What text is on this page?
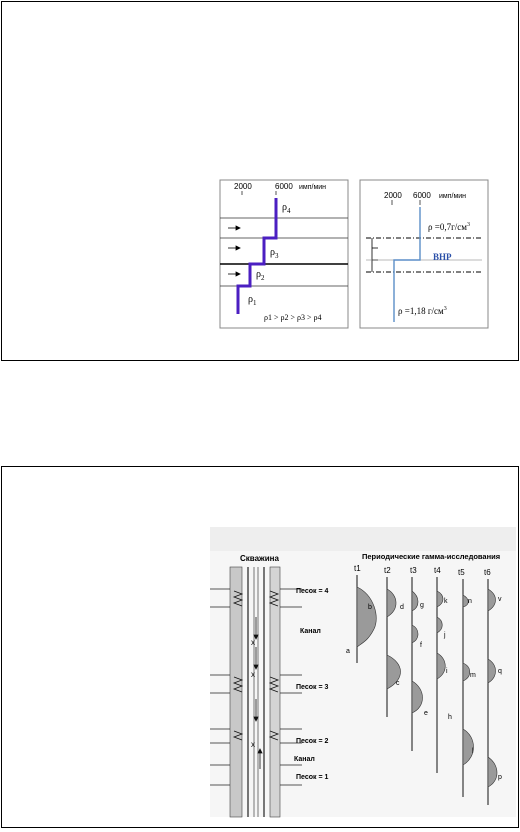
2000	6000 имп/мин
$\rho_4$
$\rho_3$
$\rho_2$
$\rho_1$
ρ1 > ρ2 > ρ3 > ρ4
2000 6000 имп/мин
$\rho =0,7г/см^3$
ВНР
ρ =1,18 $г/см^3$
Скважина
x
x
x
Песок = 4
Канал
Песок = 3
Песок = 2
Канал
Песок = 1
Периодические гамма-исследования
t1	t2 t3 t4 t5 t6
a
b
c
d
e
f
g
h
i
j
k
l
m
n
p
q
v
